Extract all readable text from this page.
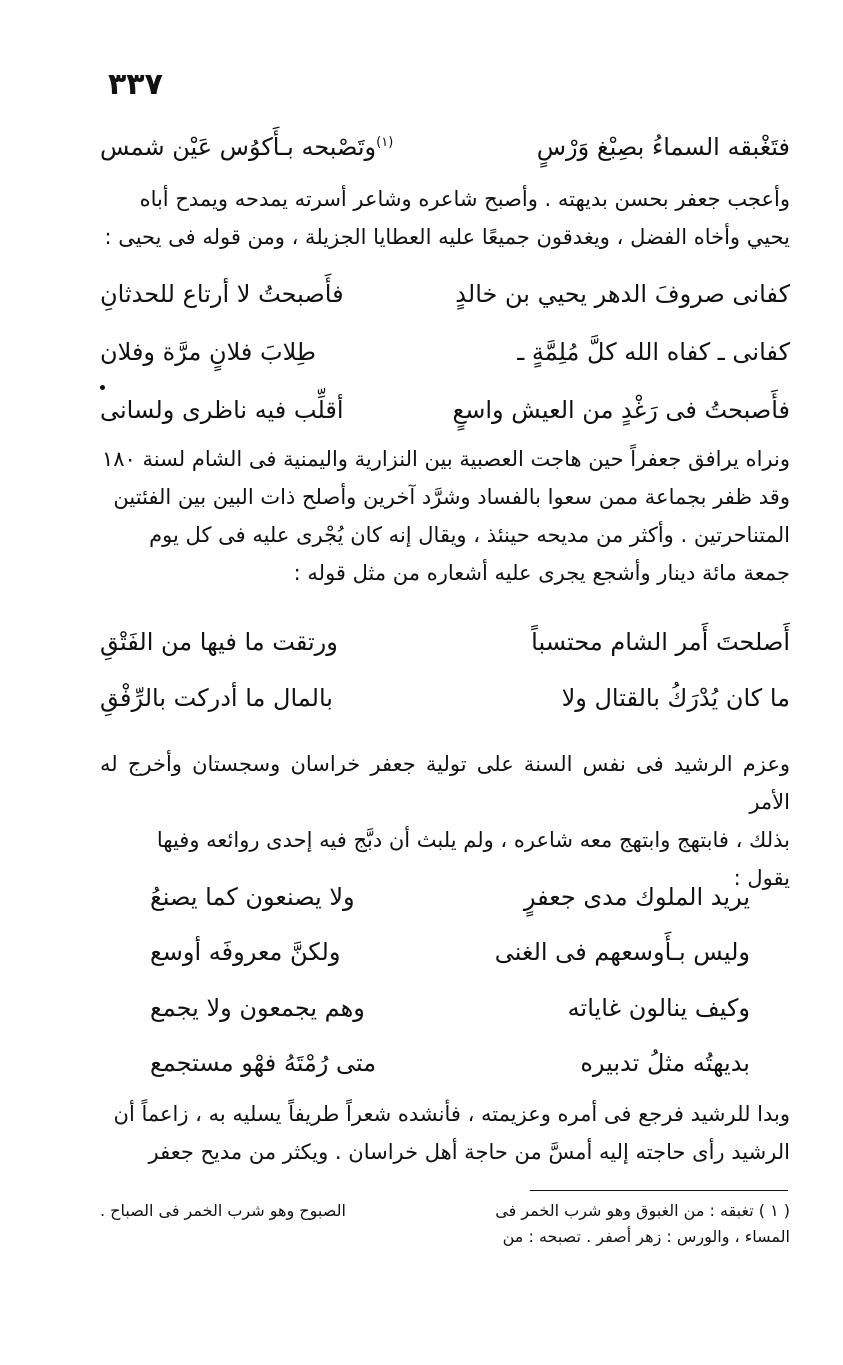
٣٣٧
فتَغْبقه السماءُ بصِبْغ وَرْسٍ
$^{(١)}$وتَصْبحه بـأَكوُس عَيْن شمس

وأعجب جعفر بحسن بديهته . وأصبح شاعره وشاعر أسرته يمدحه ويمدح أباه

يحيي وأخاه الفضل ، ويغدقون جميعًا عليه العطايا الجزيلة ، ومن قوله فى يحيى :

كفانى صروفَ الدهر يحيي بن خالدٍ
فأَصبحتُ لا أرتاع للحدثانِ
كفانى ـ كفاه الله كلَّ مُلِمَّةٍ ـ
طِلابَ فلانٍ مرَّة وفلان
فأَصبحتُ فى رَغْدٍ من العيش واسعٍ
أقلِّب فيه ناظرى ولسانى

ونراه يرافق جعفراً حين هاجت العصبية بين النزارية واليمنية فى الشام لسنة ١٨٠

وقد ظفر بجماعة ممن سعوا بالفساد وشرَّد آخرين وأصلح ذات البين بين الفئتين

المتناحرتين . وأكثر من مديحه حينئذ ، ويقال إنه كان يُجْرى عليه فى كل يوم

جمعة مائة دينار وأشجع يجرى عليه أشعاره من مثل قوله :

أَصلحتَ أَمر الشام محتسباً
ورتقت ما فيها من الفَتْقِ
ما كان يُدْرَكُ بالقتال ولا
بالمال ما أدركت بالرِّفْقِ

وعزم الرشيد فى نفس السنة على تولية جعفر خراسان وسجستان وأخرج له الأمر

بذلك ، فابتهج وابتهج معه شاعره ، ولم يلبث أن دبَّج فيه إحدى روائعه وفيها

يقول :

يريد الملوك مدى جعفرٍ
ولا يصنعون كما يصنعُ
وليس بـأَوسعهم فى الغنى
ولكنَّ معروفَه أوسع
وكيف ينالون غاياته
وهم يجمعون ولا يجمع
بديهتُه مثلُ تدبيره
متى رُمْتَهُ فهْو مستجمع

وبدا للرشيد فرجع فى أمره وعزيمته ، فأنشده شعراً طريفاً يسليه به ، زاعماً أن

الرشيد رأى حاجته إليه أمسَّ من حاجة أهل خراسان . ويكثر من مديح جعفر

( ١ ) تغبقه : من الغبوق وهو شرب الخمر فى
الصبوح وهو شرب الخمر فى الصباح .
المساء ، والورس : زهر أصفر . تصبحه : من
